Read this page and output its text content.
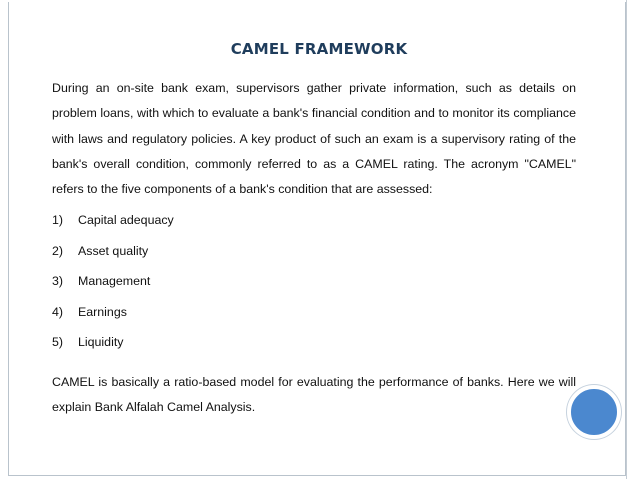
CAMEL FRAMEWORK
During an on-site bank exam, supervisors gather private information, such as details on problem loans, with which to evaluate a bank's financial condition and to monitor its compliance with laws and regulatory policies. A key product of such an exam is a supervisory rating of the bank's overall condition, commonly referred to as a CAMEL rating. The acronym "CAMEL" refers to the five components of a bank's condition that are assessed:
1)	Capital adequacy
2)	Asset quality
3)	Management
4)	Earnings
5)	Liquidity
CAMEL is basically a ratio-based model for evaluating the performance of banks. Here we will explain Bank Alfalah Camel Analysis.
